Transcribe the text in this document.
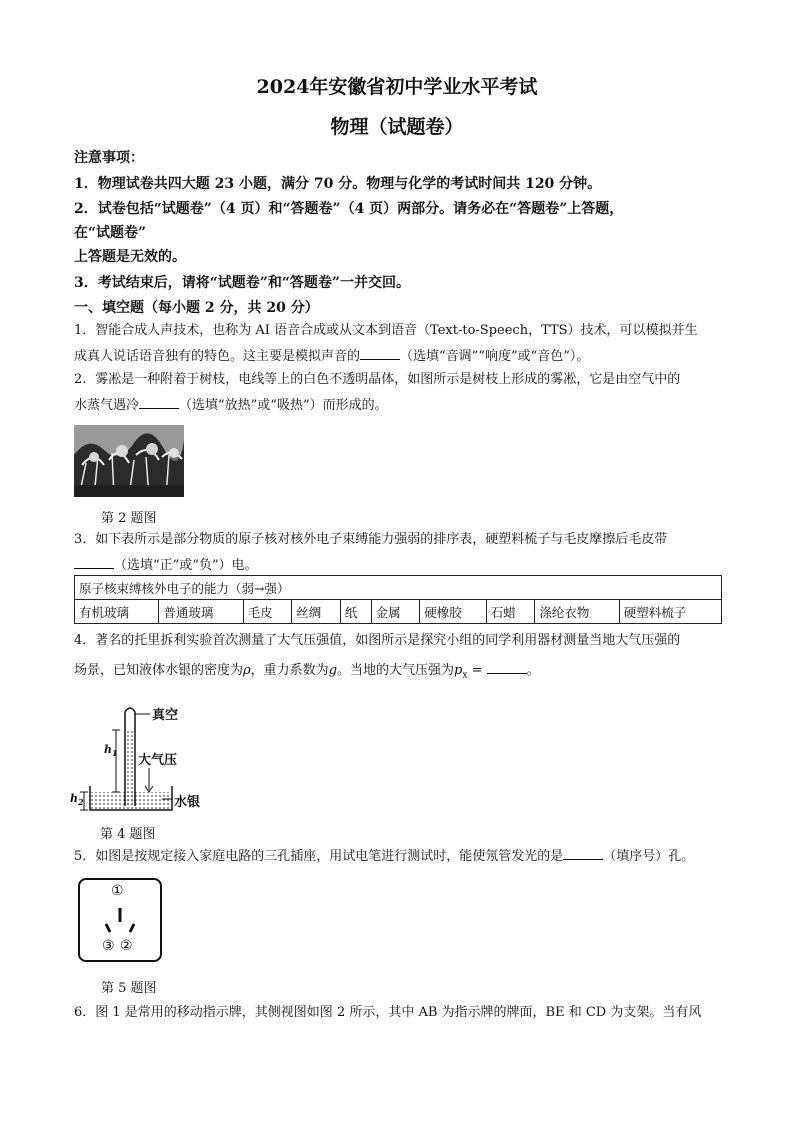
2024年安徽省初中学业水平考试
物理（试题卷）
注意事项：
1．物理试卷共四大题 23 小题，满分 70 分。物理与化学的考试时间共 120 分钟。
2．试卷包括“试题卷”（4 页）和“答题卷”（4 页）两部分。请务必在“答题卷”上答题，
在“试题卷”
上答题是无效的。
3．考试结束后，请将“试题卷”和“答题卷”一并交回。
一、填空题（每小题 2 分，共 20 分）
1．智能合成人声技术，也称为 AI 语音合成或从文本到语音（Text-to-Speech，TTS）技术，可以模拟并生
成真人说话语音独有的特色。这主要是模拟声音的	（选填“音调”“响度”或“音色”）。
2．雾凇是一种附着于树枝，电线等上的白色不透明晶体，如图所示是树枝上形成的雾凇，它是由空气中的
水蒸气遇冷	（选填“放热”或“吸热”）而形成的。
第 2 题图
3．如下表所示是部分物质的原子核对核外电子束缚能力强弱的排序表，硬塑料梳子与毛皮摩擦后毛皮带
（选填“正”或“负”）电。
原子核束缚核外电子的能力（弱→强）
有机玻璃	普通玻璃	毛皮	丝绸	纸	金属	硬橡胶	石蜡	涤纶衣物	硬塑料梳子
4．著名的托里拆利实验首次测量了大气压强值，如图所示是探究小组的同学利用器材测量当地大气压强的
场景，已知液体水银的密度为ρ，重力系数为g。当地的大气压强为$p_x$ =	。
真空
大气压
水银
$h_1$
$h_2$
第 4 题图
5．如图是按规定接入家庭电路的三孔插座，用试电笔进行测试时，能使氖管发光的是	（填序号）孔。
①
③ ②
第 5 题图
6．图 1 是常用的移动指示牌，其侧视图如图 2 所示，其中 AB 为指示牌的牌面，BE 和 CD 为支架。当有风
